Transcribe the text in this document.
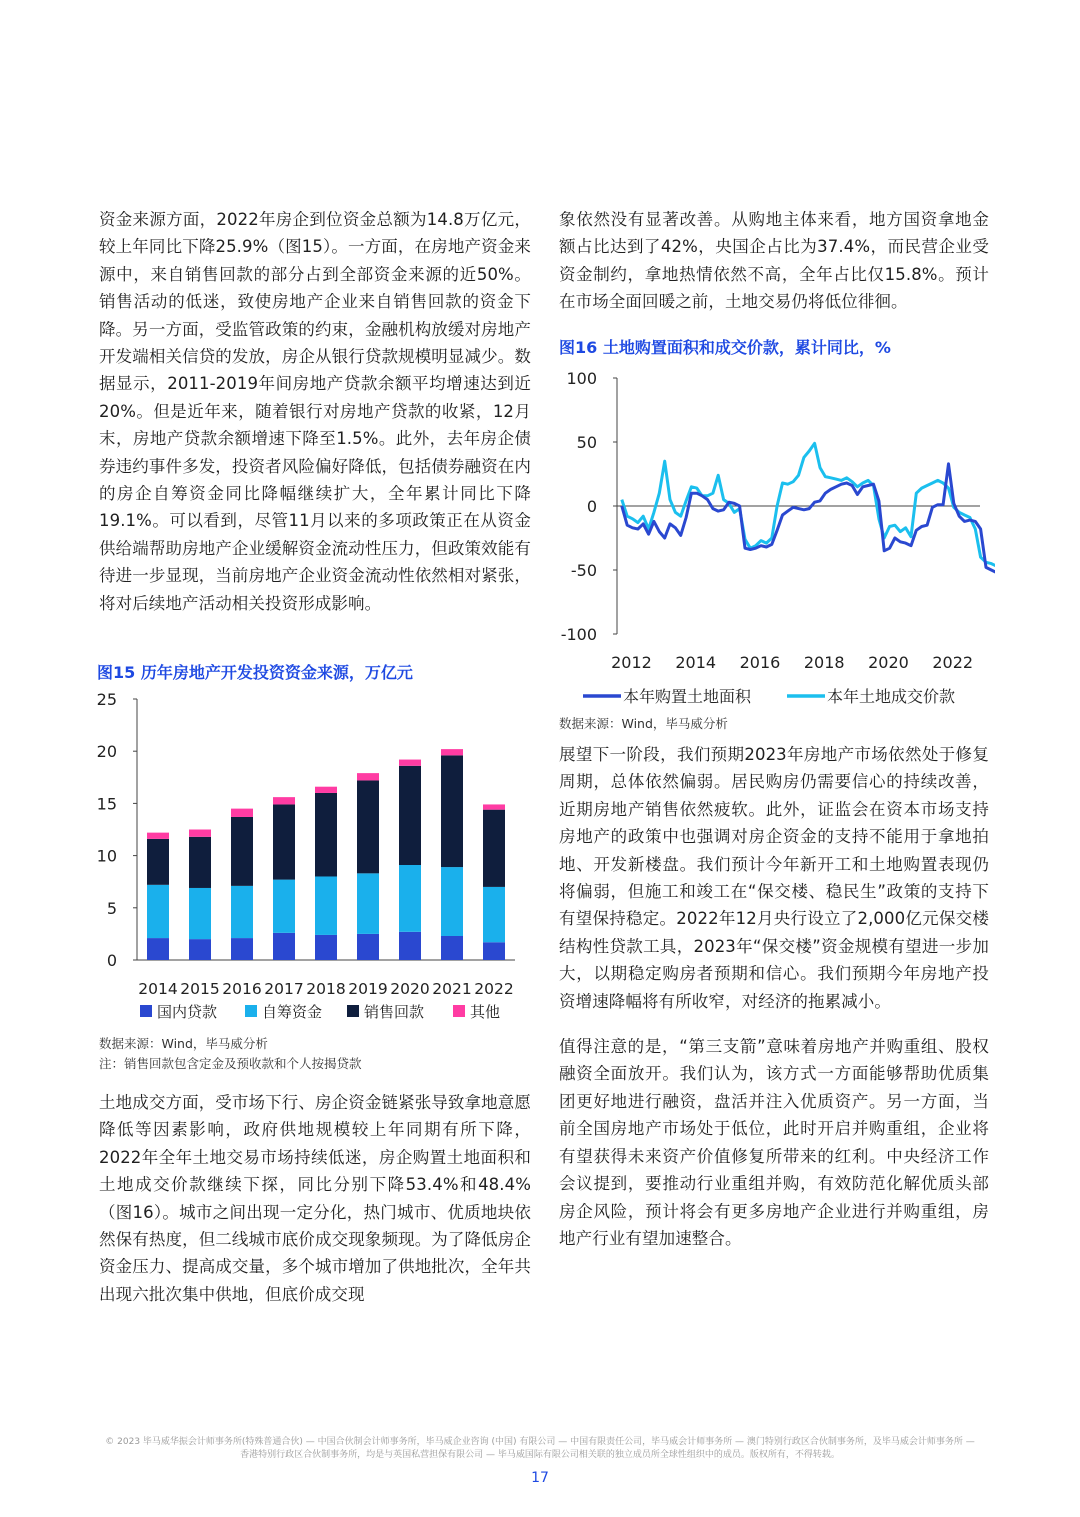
资金来源方面，2022年房企到位资金总额为14.8万亿元，较上年同比下降25.9%（图15）。一方面，在房地产资金来源中，来自销售回款的部分占到全部资金来源的近50%。销售活动的低迷，致使房地产企业来自销售回款的资金下降。另一方面，受监管政策的约束，金融机构放缓对房地产开发端相关信贷的发放，房企从银行贷款规模明显减少。数据显示，2011-2019年间房地产贷款余额平均增速达到近20%。但是近年来，随着银行对房地产贷款的收紧，12月末，房地产贷款余额增速下降至1.5%。此外，去年房企债券违约事件多发，投资者风险偏好降低，包括债券融资在内的房企自筹资金同比降幅继续扩大，全年累计同比下降19.1%。可以看到，尽管11月以来的多项政策正在从资金供给端帮助房地产企业缓解资金流动性压力，但政策效能有待进一步显现，当前房地产企业资金流动性依然相对紧张，将对后续地产活动相关投资形成影响。

图15 历年房地产开发投资资金来源，万亿元

25
20
15
10
5
0
2014 2015 2016 2017 2018 2019 2020 2021 2022
国内贷款	自筹资金	销售回款	其他

数据来源：Wind，毕马威分析

注：销售回款包含定金及预收款和个人按揭贷款

土地成交方面，受市场下行、房企资金链紧张导致拿地意愿降低等因素影响，政府供地规模较上年同期有所下降，2022年全年土地交易市场持续低迷，房企购置土地面积和土地成交价款继续下探，同比分别下降53.4%和48.4%（图16）。城市之间出现一定分化，热门城市、优质地块依然保有热度，但二线城市底价成交现象频现。为了降低房企资金压力、提高成交量，多个城市增加了供地批次，全年共出现六批次集中供地，但底价成交现

象依然没有显著改善。从购地主体来看，地方国资拿地金额占比达到了42%，央国企占比为37.4%，而民营企业受资金制约，拿地热情依然不高，全年占比仅15.8%。预计在市场全面回暖之前，土地交易仍将低位徘徊。

图16 土地购置面积和成交价款，累计同比，%

100
50
0
-50
-100
2012 2014 2016 2018 2020 2022
本年购置土地面积	本年土地成交价款

数据来源：Wind，毕马威分析

展望下一阶段，我们预期2023年房地产市场依然处于修复周期，总体依然偏弱。居民购房仍需要信心的持续改善，近期房地产销售依然疲软。此外，证监会在资本市场支持房地产的政策中也强调对房企资金的支持不能用于拿地拍地、开发新楼盘。我们预计今年新开工和土地购置表现仍将偏弱，但施工和竣工在“保交楼、稳民生”政策的支持下有望保持稳定。2022年12月央行设立了2,000亿元保交楼结构性贷款工具，2023年“保交楼”资金规模有望进一步加大，以期稳定购房者预期和信心。我们预期今年房地产投资增速降幅将有所收窄，对经济的拖累减小。

值得注意的是，“第三支箭”意味着房地产并购重组、股权融资全面放开。我们认为，该方式一方面能够帮助优质集团更好地进行融资，盘活并注入优质资产。另一方面，当前全国房地产市场处于低位，此时开启并购重组，企业将有望获得未来资产价值修复所带来的红利。中央经济工作会议提到，要推动行业重组并购，有效防范化解优质头部房企风险，预计将会有更多房地产企业进行并购重组，房地产行业有望加速整合。

© 2023 毕马威华振会计师事务所(特殊普通合伙) — 中国合伙制会计师事务所，毕马威企业咨询 (中国) 有限公司 — 中国有限责任公司，毕马威会计师事务所 — 澳门特别行政区合伙制事务所，及毕马威会计师事务所 — 香港特别行政区合伙制事务所，均是与英国私营担保有限公司 — 毕马威国际有限公司相关联的独立成员所全球性组织中的成员。版权所有，不得转载。
17
